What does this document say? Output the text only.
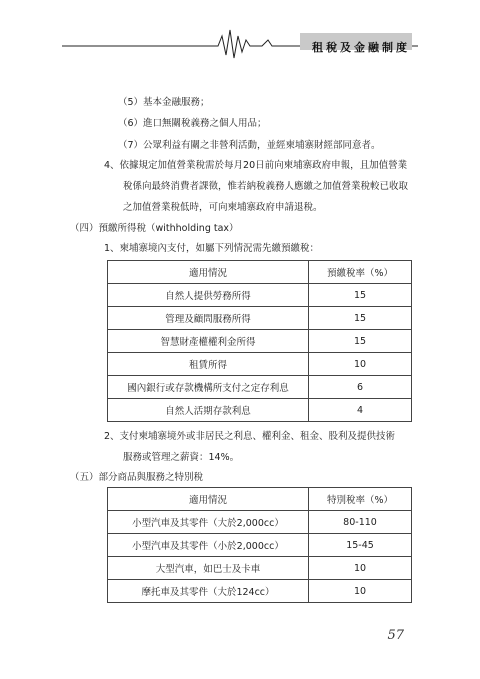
租稅及金融制度
（5）基本金融服務；
（6）進口無關稅義務之個人用品；
（7）公眾利益有關之非營利活動，並經柬埔寨財經部同意者。
4、依據規定加值營業稅需於每月20日前向柬埔寨政府申報，且加值營業
稅係向最終消費者課徵，惟若納稅義務人應繳之加值營業稅較已收取
之加值營業稅低時，可向柬埔寨政府申請退稅。
（四）預繳所得稅（withholding tax）
1、柬埔寨境內支付，如屬下列情況需先繳預繳稅：
適用情況	預繳稅率（%）
自然人提供勞務所得	15
管理及顧問服務所得	15
智慧財產權權利金所得	15
租賃所得	10
國內銀行或存款機構所支付之定存利息	6
自然人活期存款利息	4
2、支付柬埔寨境外或非居民之利息、權利金、租金、股利及提供技術
服務或管理之薪資：14%。
（五）部分商品與服務之特別稅
適用情況	特別稅率（%）
小型汽車及其零件（大於2,000cc）	80-110
小型汽車及其零件（小於2,000cc）	15-45
大型汽車，如巴士及卡車	10
摩托車及其零件（大於124cc）	10
57
